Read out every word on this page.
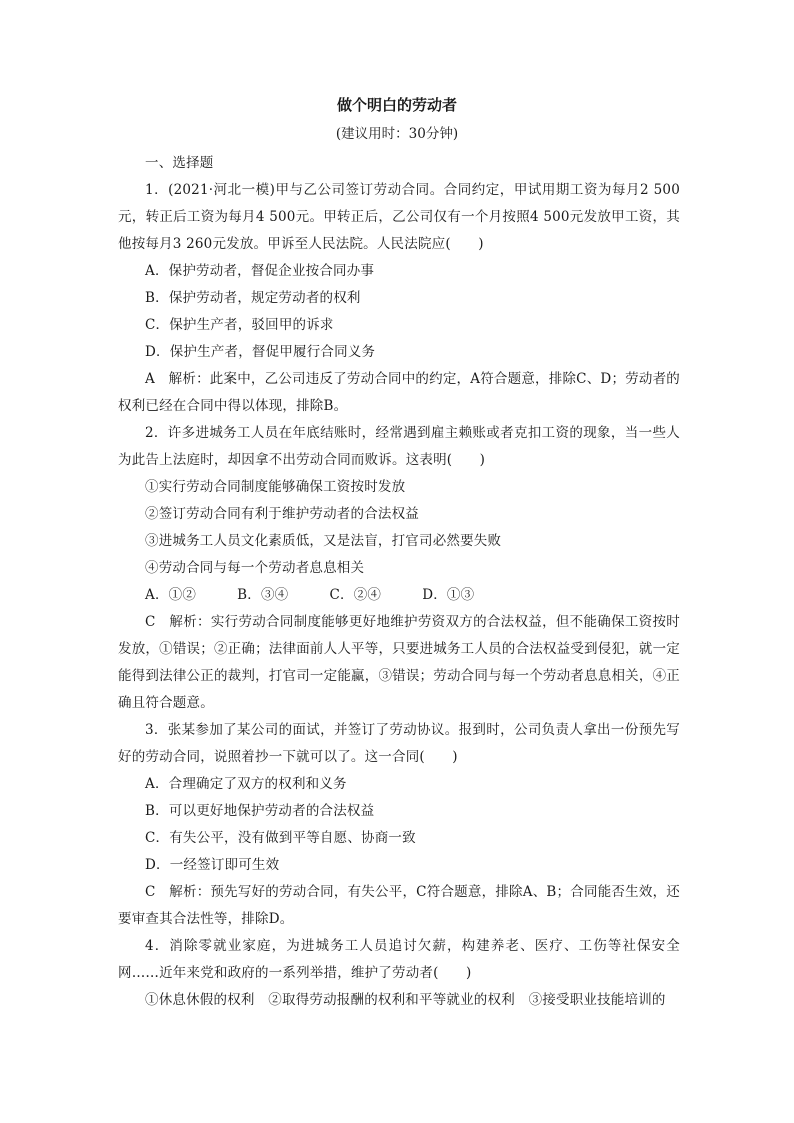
做个明白的劳动者
(建议用时：30分钟)

一、选择题

1．(2021·河北一模)甲与乙公司签订劳动合同。合同约定，甲试用期工资为每月2 500元，转正后工资为每月4 500元。甲转正后，乙公司仅有一个月按照4 500元发放甲工资，其他按每月3 260元发放。甲诉至人民法院。人民法院应(　　)

A．保护劳动者，督促企业按合同办事

B．保护劳动者，规定劳动者的权利

C．保护生产者，驳回甲的诉求

D．保护生产者，督促甲履行合同义务

A　解析：此案中，乙公司违反了劳动合同中的约定，A符合题意，排除C、D；劳动者的权利已经在合同中得以体现，排除B。

2．许多进城务工人员在年底结账时，经常遇到雇主赖账或者克扣工资的现象，当一些人为此告上法庭时，却因拿不出劳动合同而败诉。这表明(　　)

①实行劳动合同制度能够确保工资按时发放

②签订劳动合同有利于维护劳动者的合法权益

③进城务工人员文化素质低，又是法盲，打官司必然要失败

④劳动合同与每一个劳动者息息相关

A．①②　　　B．③④　　　C．②④　　　D．①③

C　解析：实行劳动合同制度能够更好地维护劳资双方的合法权益，但不能确保工资按时发放，①错误；②正确；法律面前人人平等，只要进城务工人员的合法权益受到侵犯，就一定能得到法律公正的裁判，打官司一定能赢，③错误；劳动合同与每一个劳动者息息相关，④正确且符合题意。

3．张某参加了某公司的面试，并签订了劳动协议。报到时，公司负责人拿出一份预先写好的劳动合同，说照着抄一下就可以了。这一合同(　　)

A．合理确定了双方的权利和义务

B．可以更好地保护劳动者的合法权益

C．有失公平，没有做到平等自愿、协商一致

D．一经签订即可生效

C　解析：预先写好的劳动合同，有失公平，C符合题意，排除A、B；合同能否生效，还要审查其合法性等，排除D。

4．消除零就业家庭，为进城务工人员追讨欠薪，构建养老、医疗、工伤等社保安全网……近年来党和政府的一系列举措，维护了劳动者(　　)

①休息休假的权利　②取得劳动报酬的权利和平等就业的权利　③接受职业技能培训的
